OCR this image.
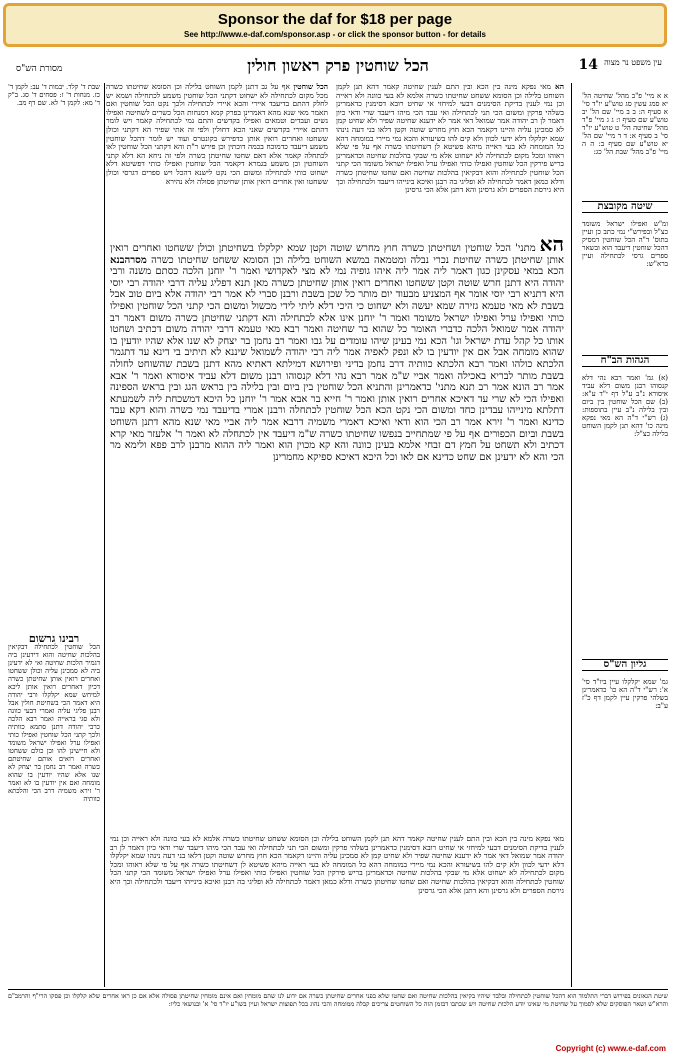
Sponsor the daf for $18 per page
See http://www.e-daf.com/sponsor.asp - or click the sponsor button - for details
14
הכל שוחטין פרק ראשון חולין
מסורת הש"ס
עין משפט נר מצוה

א א מיי' פ"ב מהל' שחיטה הל' יא סמג עשין סג טוש"ע יו"ד סי' א סעיף ה: ב ב מיי' שם הל' יב טוש"ע שם סעיף ו: ג ג מיי' פ"ד מהל' שחיטה הל' ט טוש"ע יו"ד סי' ב סעיף א: ד ד מיי' שם הל' יא טוש"ע שם סעיף ב: ה ה מיי' פ"ב מהל' שבת הל' כג:

שיטה מקובצת

ומ"ש ואפילו ישראל משומד כצ"ל ובפירש"י נמי כתב כן ועיין בתוס' ד"ה הכל שוחטין דמסיק דהכל שוחטין דיעבד הוא ובשאר ספרים גרסי לכתחילה ועיין ברא"ש:

הגהות הב"ח

(א) גמ' ואמר רבא נהי דלא קנסוהו רבנן משום דלא עביד איסורא נ"ב ע"ל דף י"ד ע"א: (ב) שם הכל שוחטין בין ביום ובין בלילה נ"ב עיין בתוספות: (ג) רש"י ד"ה הא מאי נפקא מינה כו' דהא תנן לקמן השוחט בלילה כצ"ל:

גליון הש"ס

גמ' שמא יקלקלו עיין ביו"ד סי' א': רש"י ד"ה הא כו' כדאמרינן בשלהי פרקין עיין לקמן דף כ"ז ע"ב:

הא מאי נפקא מינה בין הכא ובין התם לענין שחיטה קאמר דהא תנן לקמן השוחט בלילה וכן הסומא ששחט שחיטתו כשרה אלמא לא בעי כוונה ולא ראייה וכן נמי לענין בדיקת הסימנים דבעי למיחזי אי שחיט רובא דסימנין כדאמרינן בשלהי פרקין ומשום הכי תני לכתחילה ואי עבד הכי מיהו דיעבד שרי ודאי כיון דאמר לן רב יהודה אמר שמואל דאי אמר לא ידענא שחיטה שפיר ולא שחיט קמן לא סמכינן עליה והיינו דקאמר הכא חוץ מחרש שוטה וקטן דלאו בני דעה נינהו שמא יקלקלו דלא ידעי לכוון ולא קים להו בשיעורא והכא נמי מיירי במומחה דהא כל המומחה לא בעי ראייה מיהא פשיטא לן דשחיטתו כשרה אף על פי שלא ראוהו ומכל מקום לכתחילה לא ישחוט אלא מי שבקי בהלכות שחיטה וכדאמרינן בריש פירקין הכל שוחטין ואפילו כותי ואפילו ערל ואפילו ישראל משומד הכי קתני הכל שוחטין לכתחילה והוא דבקיאין בהלכות שחיטה ואם שחטו שחיטתן כשרה ודלא כמאן דאמר לכתחילה לא ופליגי בה רבנן ואיכא בינייהו דיעבד ולכתחילה וכך היא גירסת הספרים ולא גרסינן והא דתנן אלא הכי גרסינן

הכל שוחטין אף על גב דתנן לקמן השוחט בלילה וכן הסומא שחיטתו כשרה מכל מקום לכתחילה לא ישחוט דקתני הכל שוחטין משמע לכתחילה ושמא יש לחלק דהתם בדיעבד איירי והכא איירי לכתחילה ולכך נקט הכל שוחטין ואם תאמר מאי שנא מהא דאמרינן בפרק קמא דמנחות הכל כשרים לשחיטה ואפילו נשים ועבדים וטמאים ואפילו בקדשים והתם נמי לכתחילה קאמר ויש לומר דהתם איירי בקדשים שאני הכא דחולין ולפי זה אתי שפיר הא דקתני וכולן ששחטו ואחרים רואין אותן כדפירש בקונטרס ועוד יש לומר דהכל שוחטין משמע דיעבד כדמוכח בכמה דוכתין וכן פירש ר"ת והא דקתני הכל שוחטין לאו לכתחלה קאמר אלא דאם שחטו שחיטתן כשרה ולפי זה ניחא הא דלא קתני השוחטין וכן משמע בגמרא דקאמר הכל שוחטין ואפילו כותי דפשיטא דלא ישחוט כותי לכתחילה ומשום הכי נקט לישנא דהכל ויש ספרים דגרסי וכולן ששחטו ואין אחרים רואין אותן שחיטתן פסולה ולא נהירא

הא מתני' הכל שוחטין ושחיטתן כשרה חוץ מחרש שוטה וקטן שמא יקלקלו בשחיטתן וכולן ששחטו ואחרים רואין אותן שחיטתן כשרה שחיטת נכרי נבלה ומטמאה במשא השוחט בלילה וכן הסומא ששחט שחיטתו כשרה מסרהבנא הכא במאי עסקינן כגון דאמר ליה אמר ליה איהו גופיה נמי לא מצי לאקדושי ואמר ר' יוחנן הלכה כסתם משנה ורבי יהודה היא דתנן חרש שוטה וקטן ששחטו ואחרים רואין אותן שחיטתן כשרה מאן תנא דפליג עליה דרבי יהודה רבי יוסי היא דתניא רבי יוסי אומר אף המצניע מבעוד יום מותר כל שכן בשבת ורבנן סברי לא אמר רבי יהודה אלא ביום טוב אבל בשבת לא מאי טעמא גזירה שמא יעשה ולא ישחוט כי היכי דלא ליתי לידי מכשול ומשום הכי קתני הכל שוחטין ואפילו כותי ואפילו ערל ואפילו ישראל משומד ואמר ר' יוחנן אינו אלא לכתחילה והא דקתני שחיטתן כשרה משום דאמר רב יהודה אמר שמואל הלכה כדברי האומר כל שהוא בר שחיטה ואמר רבא מאי טעמא דרבי יהודה משום דכתיב ושחטו אותו כל קהל עדת ישראל וגו' הכא נמי בעינן שיהו עומדים על גבו ואמר רב נחמן בר יצחק לא שנו אלא שהיו יודעין בו שהוא מומחה אבל אם אין יודעין בו לא ונפק לאפיה אמר ליה רבי יהודה לשמואל שיננא לא תיתיב בי דינא עד דתגמר הלכתא כולהו ואמר רבא הלכתא כוותיה דרב נחמן בדיני ופירושא דמילתא דאתיא מהא דתנן בשבת שהשוחט לחולה בשבת מותר לבריא באכילה ואמר אביי ש"מ אמר רבא נהי דלא קנסוהו רבנן משום דלא עביד איסורא ואמר ר' אבא אמר רב הונא אמר רב תנא מתני' כדאמרינן והתניא הכל שוחטין בין ביום ובין בלילה בין בראש הגג ובין בראש הספינה ואפילו הכי לא שרי עד דאיכא אחרים רואין אותן ואמר ר' חייא בר אבא אמר ר' יוחנן כל היכא דמשכחת ליה לשמעתא דתלתא מינייהו עבדינן כחד ומשום הכי נקט הכא הכל שוחטין לכתחלה ורבנן אמרי בדיעבד נמי כשרה והוא דקא עבד כדינא ואמר ר' זירא אמר רב הכי הוא ודאי ואיכא דאמרי משמיה דרבא אמר ליה אביי מאי שנא מהא דתנן השוחט בשבת וביום הכפורים אף על פי שמתחייב בנפשו שחיטתו כשרה ש"מ דיעבד אין לכתחלה לא ואמר ר' אלעזר מאי קרא דכתיב ולא תשחט על חמץ דם זבחי אלמא בעינן כוונה והא קא מכוין הוא ואמר ליה ההוא מרבנן לרב פפא ולימא מר הכי והא לא ידעינן אם שחט כדינא אם לאו וכל היכא דאיכא ספיקא מחמרינן

שבת ד' קלד. יבמות ד' עב: לקמן ד' כז. מנחות ד' ז: פסחים ד' סג. ב"ק ד' מא: לקמן ד' לא. שם דף מב.

רבינו גרשום

הכל שוחטין לכתחילה דבקיאין בהלכות שחיטה והוא דידעינן ביה דגמיר הלכות שחיטה ואי לא ידעינן ביה לא סמכינן עליה וכולן ששחטו ואחרים רואין אותן שחיטתן כשרה דכיון דאחרים רואין אותן ליכא למיחש שמא יקלקלו ורבי יהודה היא דאמר הכי בשחיטת חולין אבל רבנן פליגי עליה ואמרי דבעי כוונה ולא סגי בראייה ואמר רבא הלכה כרבי יהודה דתנן סתמא כוותיה ולכך קתני הכל שוחטין ואפילו כותי ואפילו ערל ואפילו ישראל משומד ולא חיישינן להו וכן כולם ששחטו ואחרים רואים אותם שחיטתם כשרה ואמר רב נחמן בר יצחק לא שנו אלא שהיו יודעין בו שהוא מומחה ואם אין יודעין בו לא ואמר ר' זירא משמיה דרב הכי והלכתא כוותיה

מאי נפקא מינה בין הכא ובין התם לענין שחיטה קאמר דהא תנן לקמן השוחט בלילה וכן הסומא ששחט שחיטתו כשרה אלמא לא בעי כוונה ולא ראייה וכן נמי לענין בדיקת הסימנים דבעי למיחזי אי שחיט רובא דסימנין כדאמרינן בשלהי פרקין ומשום הכי תני לכתחילה ואי עבד הכי מיהו דיעבד שרי ודאי כיון דאמר לן רב יהודה אמר שמואל דאי אמר לא ידענא שחיטה שפיר ולא שחיט קמן לא סמכינן עליה והיינו דקאמר הכא חוץ מחרש שוטה וקטן דלאו בני דעה נינהו שמא יקלקלו דלא ידעי לכוון ולא קים להו בשיעורא והכא נמי מיירי במומחה דהא כל המומחה לא בעי ראייה מיהא פשיטא לן דשחיטתו כשרה אף על פי שלא ראוהו ומכל מקום לכתחילה לא ישחוט אלא מי שבקי בהלכות שחיטה וכדאמרינן בריש פירקין הכל שוחטין ואפילו כותי ואפילו ערל ואפילו ישראל משומד הכי קתני הכל שוחטין לכתחילה והוא דבקיאין בהלכות שחיטה ואם שחטו שחיטתן כשרה ודלא כמאן דאמר לכתחילה לא ופליגי בה רבנן ואיכא בינייהו דיעבד ולכתחילה וכך היא גירסת הספרים ולא גרסינן והא דתנן אלא הכי גרסינן

שיטת הגאונים בפירוש דברי התלמוד הוא דהכל שוחטין לכתחילה ובלבד שיהיו בקיאין בהלכות שחיטה ואם שחטו שלא בפני אחרים שחיטתן כשרה אם ידוע לנו שהם מומחין ואם אינם מומחין שחיטתן פסולה אלא אם כן ראו אחרים שלא קלקלו וכן פסקו הרי"ף והרמב"ם והרא"ש ושאר הפוסקים שלא לסמוך על שחיטת מי שאינו יודע הלכות שחיטה ויש שכתבו דבזמן הזה כל השוחטים צריכים קבלה ממומחה והכי נהוג בכל תפוצות ישראל ועיין בשו"ע יו"ד סי' א' ובנושאי כליו:
Copyright (c) www.e-daf.com
